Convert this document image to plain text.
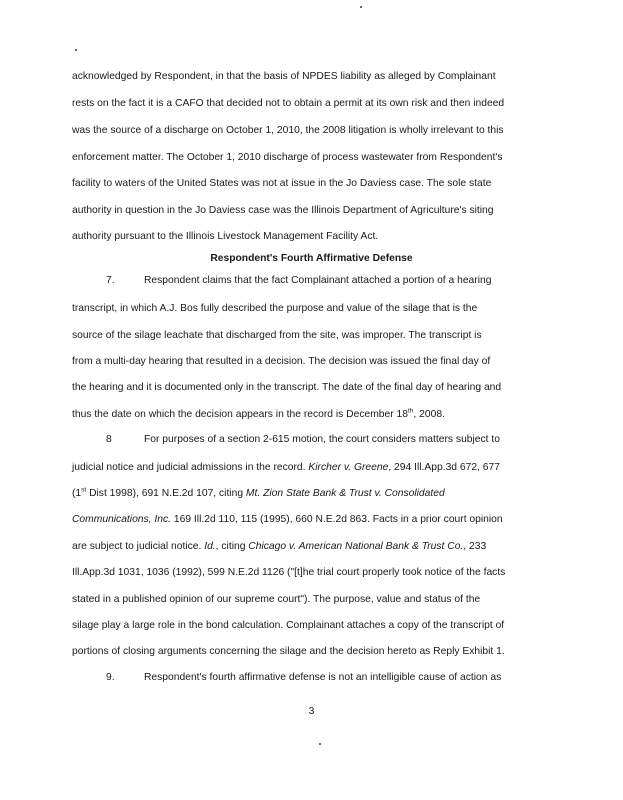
acknowledged by Respondent, in that the basis of NPDES liability as alleged by Complainant
rests on the fact it is a CAFO that decided not to obtain a permit at its own risk and then indeed
was the source of a discharge on October 1, 2010, the 2008 litigation is wholly irrelevant to this
enforcement matter. The October 1, 2010 discharge of process wastewater from Respondent's
facility to waters of the United States was not at issue in the Jo Daviess case. The sole state
authority in question in the Jo Daviess case was the Illinois Department of Agriculture's siting
authority pursuant to the Illinois Livestock Management Facility Act.
Respondent's Fourth Affirmative Defense
7.	Respondent claims that the fact Complainant attached a portion of a hearing
transcript, in which A.J. Bos fully described the purpose and value of the silage that is the
source of the silage leachate that discharged from the site, was improper. The transcript is
from a multi-day hearing that resulted in a decision. The decision was issued the final day of
the hearing and it is documented only in the transcript. The date of the final day of hearing and
thus the date on which the decision appears in the record is December 18th, 2008.
8	For purposes of a section 2-615 motion, the court considers matters subject to
judicial notice and judicial admissions in the record. Kircher v. Greene, 294 Ill.App.3d 672, 677
(1st Dist 1998), 691 N.E.2d 107, citing Mt. Zion State Bank & Trust v. Consolidated
Communications, Inc. 169 Ill.2d 110, 115 (1995), 660 N.E.2d 863. Facts in a prior court opinion
are subject to judicial notice. Id., citing Chicago v. American National Bank & Trust Co., 233
Ill.App.3d 1031, 1036 (1992), 599 N.E.2d 1126 ("[t]he trial court properly took notice of the facts
stated in a published opinion of our supreme court"). The purpose, value and status of the
silage play a large role in the bond calculation. Complainant attaches a copy of the transcript of
portions of closing arguments concerning the silage and the decision hereto as Reply Exhibit 1.
9.	Respondent's fourth affirmative defense is not an intelligible cause of action as
3
